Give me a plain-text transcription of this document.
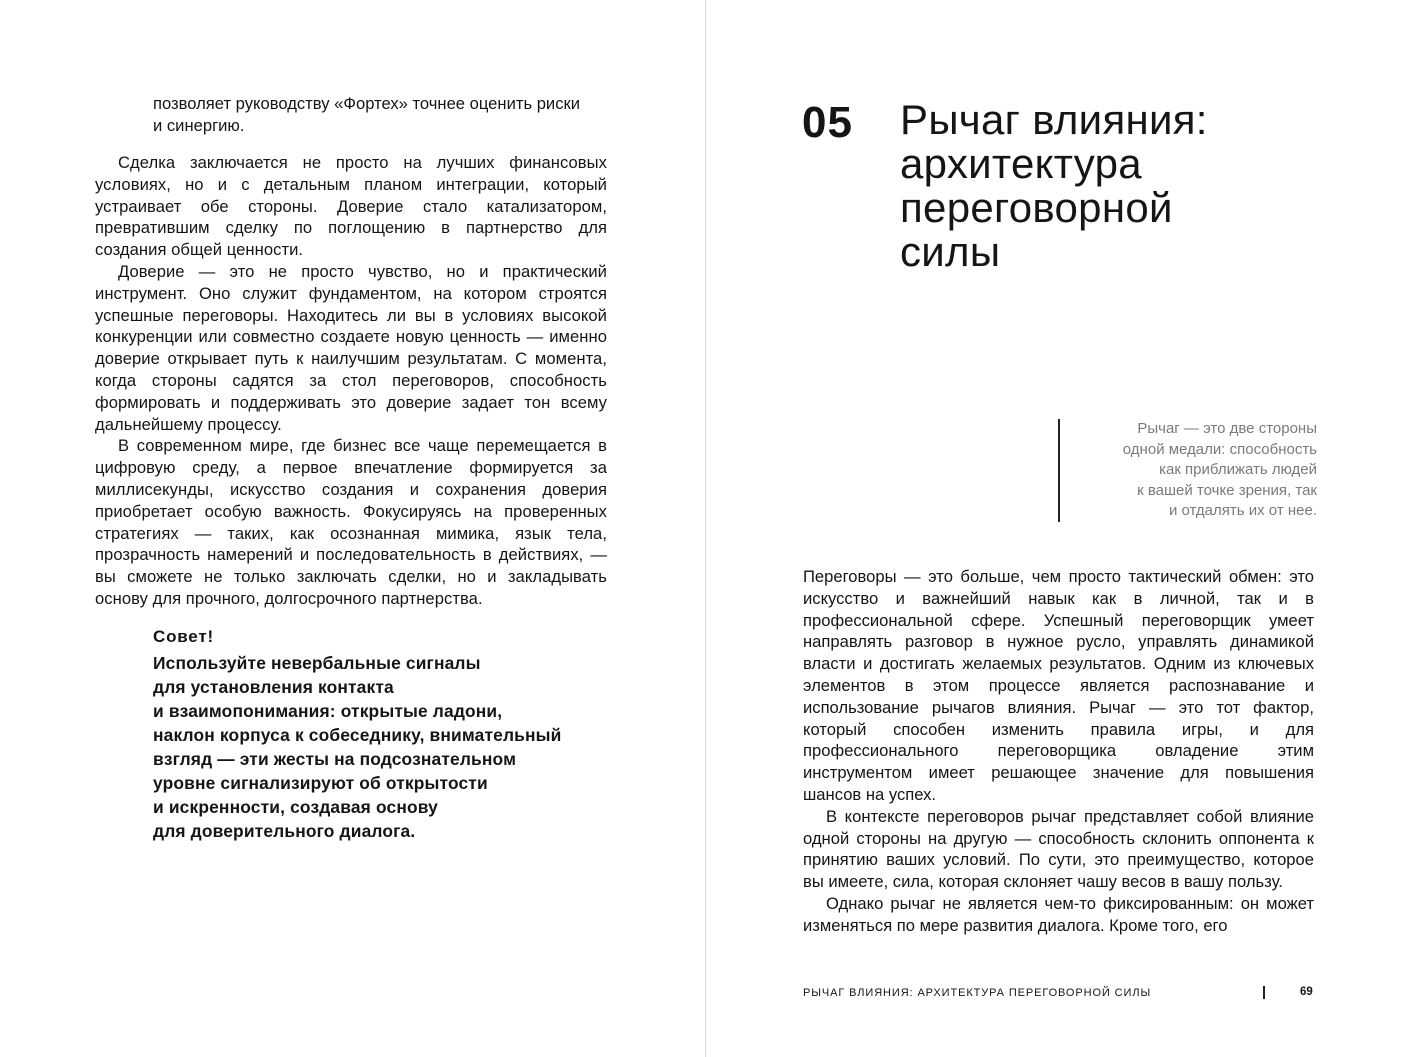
позволяет руководству «Фортех» точнее оценить риски и синергию.

Сделка заключается не просто на лучших финансовых условиях, но и с детальным планом интеграции, который устраивает обе стороны. Доверие стало катализатором, превратившим сделку по поглощению в партнерство для создания общей ценности.

Доверие — это не просто чувство, но и практический инструмент. Оно служит фундаментом, на котором строятся успешные переговоры. Находитесь ли вы в условиях высокой конкуренции или совместно создаете новую ценность — именно доверие открывает путь к наилучшим результатам. С момента, когда стороны садятся за стол переговоров, способность формировать и поддерживать это доверие задает тон всему дальнейшему процессу.

В современном мире, где бизнес все чаще перемещается в цифровую среду, а первое впечатление формируется за миллисекунды, искусство создания и сохранения доверия приобретает особую важность. Фокусируясь на проверенных стратегиях — таких, как осознанная мимика, язык тела, прозрачность намерений и последовательность в действиях, — вы сможете не только заключать сделки, но и закладывать основу для прочного, долгосрочного партнерства.

Совет!

Используйте невербальные сигналы
для установления контакта
и взаимопонимания: открытые ладони,
наклон корпуса к собеседнику, внимательный
взгляд — эти жесты на подсознательном
уровне сигнализируют об открытости
и искренности, создавая основу
для доверительного диалога.

05 Рычаг влияния:
архитектура
переговорной
силы

Рычаг — это две стороны
одной медали: способность
как приближать людей
к вашей точке зрения, так
и отдалять их от нее.

Переговоры — это больше, чем просто тактический обмен: это искусство и важнейший навык как в личной, так и в профессиональной сфере. Успешный переговорщик умеет направлять разговор в нужное русло, управлять динамикой власти и достигать желаемых результатов. Одним из ключевых элементов в этом процессе является распознавание и использование рычагов влияния. Рычаг — это тот фактор, который способен изменить правила игры, и для профессионального переговорщика овладение этим инструментом имеет решающее значение для повышения шансов на успех.

В контексте переговоров рычаг представляет собой влияние одной стороны на другую — способность склонить оппонента к принятию ваших условий. По сути, это преимущество, которое вы имеете, сила, которая склоняет чашу весов в вашу пользу.

Однако рычаг не является чем-то фиксированным: он может изменяться по мере развития диалога. Кроме того, его

РЫЧАГ ВЛИЯНИЯ: АРХИТЕКТУРА ПЕРЕГОВОРНОЙ СИЛЫ	69
